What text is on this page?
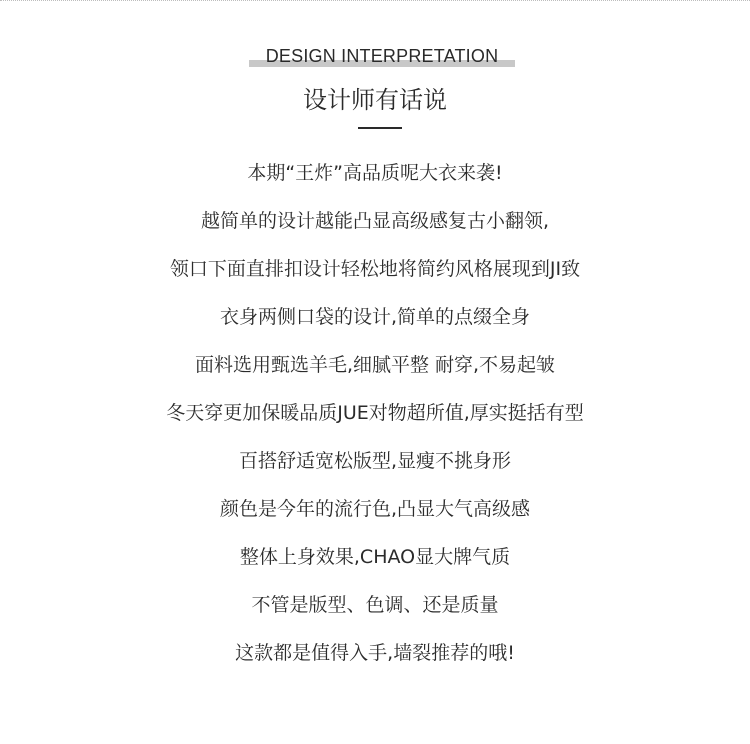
DESIGN INTERPRETATION
设计师有话说
本期“王炸”高品质呢大衣来袭!
越简单的设计越能凸显高级感复古小翻领,
领口下面直排扣设计轻松地将简约风格展现到JI致
衣身两侧口袋的设计,简单的点缀全身
面料选用甄选羊毛,细腻平整 耐穿,不易起皱
冬天穿更加保暖品质JUE对物超所值,厚实挺括有型
百搭舒适宽松版型,显瘦不挑身形
颜色是今年的流行色,凸显大气高级感
整体上身效果,CHAO显大牌气质
不管是版型、色调、还是质量
这款都是值得入手,墙裂推荐的哦!
